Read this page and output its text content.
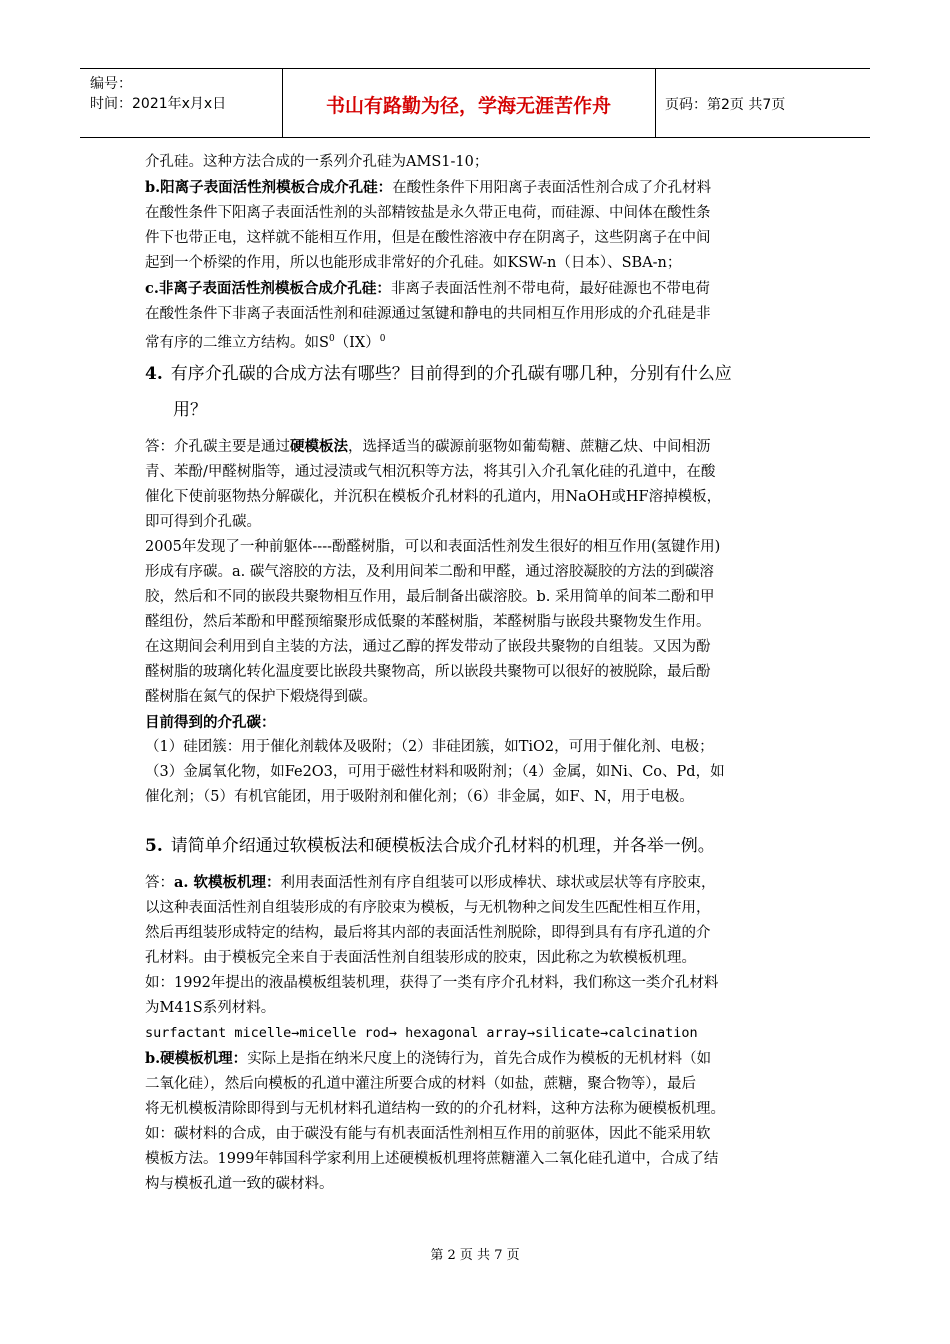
编号：
时间：2021年x月x日	书山有路勤为径，学海无涯苦作舟	页码：第2页 共7页

介孔硅。这种方法合成的一系列介孔硅为AMS1-10；

b.阳离子表面活性剂模板合成介孔硅：在酸性条件下用阳离子表面活性剂合成了介孔材料

在酸性条件下阳离子表面活性剂的头部精铵盐是永久带正电荷，而硅源、中间体在酸性条

件下也带正电，这样就不能相互作用，但是在酸性溶液中存在阴离子，这些阴离子在中间

起到一个桥梁的作用，所以也能形成非常好的介孔硅。如KSW-n（日本）、SBA-n；

c.非离子表面活性剂模板合成介孔硅：非离子表面活性剂不带电荷，最好硅源也不带电荷

在酸性条件下非离子表面活性剂和硅源通过氢键和静电的共同相互作用形成的介孔硅是非

常有序的二维立方结构。如$S^0(IX)^0$

4. 有序介孔碳的合成方法有哪些？目前得到的介孔碳有哪几种，分别有什么应

用？

答：介孔碳主要是通过硬模板法，选择适当的碳源前驱物如葡萄糖、蔗糖乙炔、中间相沥

青、苯酚/甲醛树脂等，通过浸渍或气相沉积等方法，将其引入介孔氧化硅的孔道中，在酸

催化下使前驱物热分解碳化，并沉积在模板介孔材料的孔道内，用NaOH或HF溶掉模板，

即可得到介孔碳。

2005年发现了一种前躯体----酚醛树脂，可以和表面活性剂发生很好的相互作用(氢键作用)

形成有序碳。a. 碳气溶胶的方法，及利用间苯二酚和甲醛，通过溶胶凝胶的方法的到碳溶

胶，然后和不同的嵌段共聚物相互作用，最后制备出碳溶胶。b. 采用简单的间苯二酚和甲

醛组份，然后苯酚和甲醛预缩聚形成低聚的苯醛树脂，苯醛树脂与嵌段共聚物发生作用。

在这期间会利用到自主装的方法，通过乙醇的挥发带动了嵌段共聚物的自组装。又因为酚

醛树脂的玻璃化转化温度要比嵌段共聚物高，所以嵌段共聚物可以很好的被脱除，最后酚

醛树脂在氮气的保护下煅烧得到碳。

目前得到的介孔碳：

（1）硅团簇：用于催化剂载体及吸附；（2）非硅团簇，如TiO2，可用于催化剂、电极；

（3）金属氧化物，如Fe2O3，可用于磁性材料和吸附剂；（4）金属，如Ni、Co、Pd，如

催化剂；（5）有机官能团，用于吸附剂和催化剂；（6）非金属，如F、N，用于电极。

5. 请简单介绍通过软模板法和硬模板法合成介孔材料的机理，并各举一例。

答：a. 软模板机理：利用表面活性剂有序自组装可以形成棒状、球状或层状等有序胶束，

以这种表面活性剂自组装形成的有序胶束为模板，与无机物种之间发生匹配性相互作用，

然后再组装形成特定的结构，最后将其内部的表面活性剂脱除，即得到具有有序孔道的介

孔材料。由于模板完全来自于表面活性剂自组装形成的胶束，因此称之为软模板机理。

如：1992年提出的液晶模板组装机理，获得了一类有序介孔材料，我们称这一类介孔材料

为M41S系列材料。

surfactant micelle→micelle rod→ hexagonal array→silicate→calcination

b.硬模板机理：实际上是指在纳米尺度上的浇铸行为，首先合成作为模板的无机材料（如

二氧化硅），然后向模板的孔道中灌注所要合成的材料（如盐，蔗糖，聚合物等），最后

将无机模板清除即得到与无机材料孔道结构一致的的介孔材料，这种方法称为硬模板机理。

如：碳材料的合成，由于碳没有能与有机表面活性剂相互作用的前驱体，因此不能采用软

模板方法。1999年韩国科学家利用上述硬模板机理将蔗糖灌入二氧化硅孔道中，合成了结

构与模板孔道一致的碳材料。

第 2 页 共 7 页
